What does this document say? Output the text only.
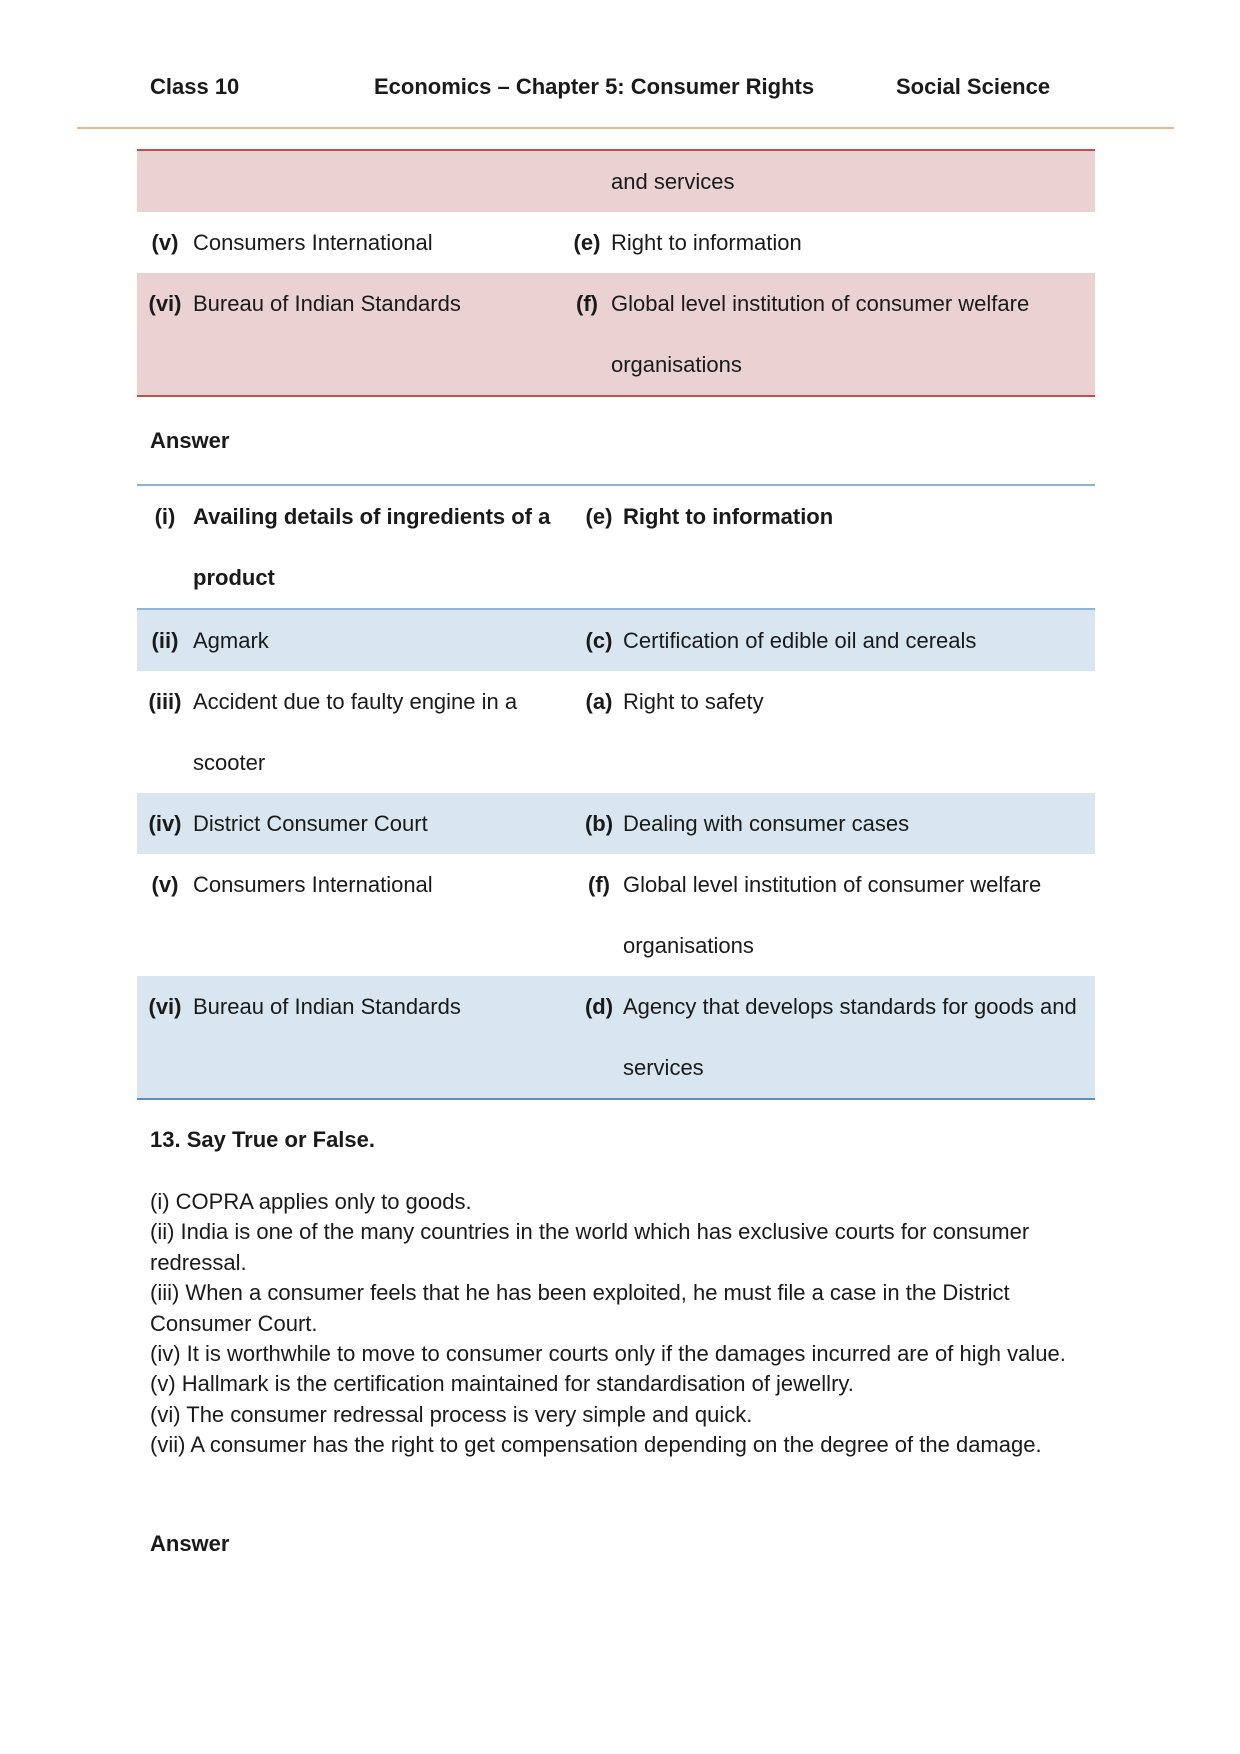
Class 10	Economics – Chapter 5: Consumer Rights	Social Science
			and services
(v)	Consumers International	(e)	Right to information
(vi)	Bureau of Indian Standards	(f)	Global level institution of consumer welfare organisations
Answer
(i)	Availing details of ingredients of a product	(e)	Right to information
(ii)	Agmark	(c)	Certification of edible oil and cereals
(iii)	Accident due to faulty engine in a scooter	(a)	Right to safety
(iv)	District Consumer Court	(b)	Dealing with consumer cases
(v)	Consumers International	(f)	Global level institution of consumer welfare organisations
(vi)	Bureau of Indian Standards	(d)	Agency that develops standards for goods and services
13. Say True or False.
(i) COPRA applies only to goods.
(ii) India is one of the many countries in the world which has exclusive courts for consumer redressal.
(iii) When a consumer feels that he has been exploited, he must file a case in the District Consumer Court.
(iv) It is worthwhile to move to consumer courts only if the damages incurred are of high value.
(v) Hallmark is the certification maintained for standardisation of jewellry.
(vi) The consumer redressal process is very simple and quick.
(vii) A consumer has the right to get compensation depending on the degree of the damage.
Answer
